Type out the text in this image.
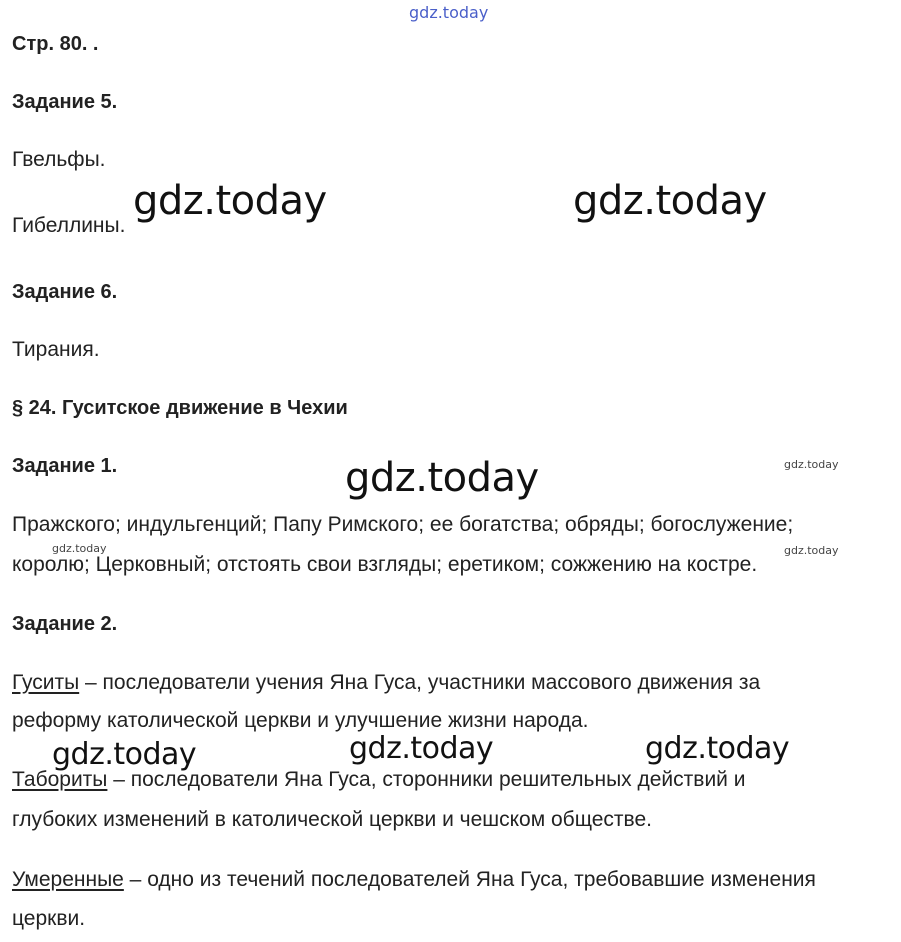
gdz.today
Стр. 80. .
Задание 5.
Гвельфы.
Гибеллины.
Задание 6.
Тирания.
§ 24. Гуситское движение в Чехии
Задание 1.
Пражского; индульгенций; Папу Римского; ее богатства; обряды; богослужение;
королю; Церковный; отстоять свои взгляды; еретиком; сожжению на костре.
Задание 2.
Гуситы – последователи учения Яна Гуса, участники массового движения за
реформу католической церкви и улучшение жизни народа.
Табориты – последователи Яна Гуса, сторонники решительных действий и
глубоких изменений в католической церкви и чешском обществе.
Умеренные – одно из течений последователей Яна Гуса, требовавшие изменения
церкви.
gdz.today	gdz.today
gdz.today
gdz.today	gdz.today	gdz.today
gdz.today
gdz.today	gdz.today
